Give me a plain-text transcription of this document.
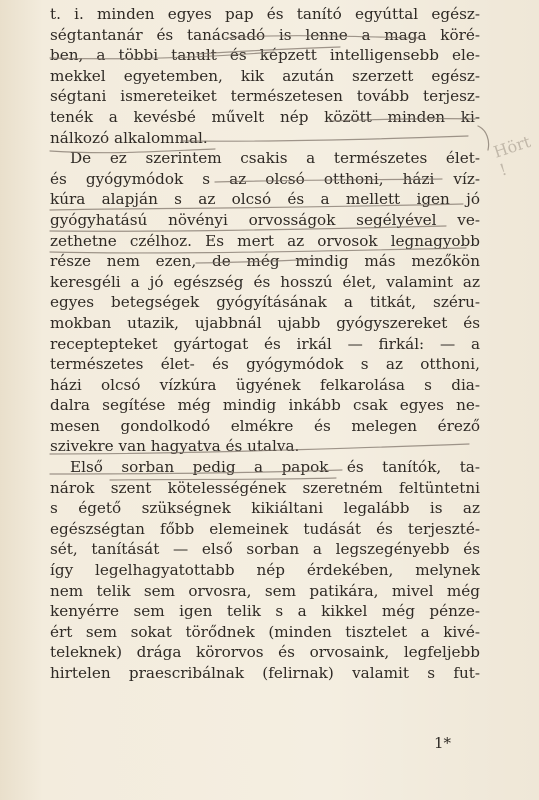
t. i. minden egyes pap és tanító egyúttal egész-
ségtantanár és tanácsadó is lenne a maga köré-
ben, a többi tanult és képzett intelligensebb ele-
mekkel egyetemben, kik azután szerzett egész-
ségtani ismereteiket természetesen tovább terjesz-
tenék a kevésbé művelt nép között minden ki-
nálkozó alkalommal.
De ez szerintem csakis a természetes élet-
és gyógymódok s az olcsó otthoni, házi víz-
kúra alapján s az olcsó és a mellett igen jó
gyógyhatású növényi orvosságok segélyével ve-
zethetne czélhoz. Es mert az orvosok legnagyobb
része nem ezen, de még mindig más mezőkön
keresgéli a jó egészség és hosszú élet, valamint az
egyes betegségek gyógyításának a titkát, széru-
mokban utazik, ujabbnál ujabb gyógyszereket és
receptepteket gyártogat és irkál — firkál: — a
természetes élet- és gyógymódok s az otthoni,
házi olcsó vízkúra ügyének felkarolása s dia-
dalra segítése még mindig inkább csak egyes ne-
mesen gondolkodó elmékre és melegen érező
szivekre van hagyatva és utalva.
Első sorban pedig a papok és tanítók, ta-
nárok szent kötelességének szeretném feltüntetni
s égető szükségnek kikiáltani legalább is az
egészségtan főbb elemeinek tudását és terjeszté-
sét, tanítását — első sorban a legszegényebb és
így legelhagyatottabb nép érdekében, melynek
nem telik sem orvosra, sem patikára, mivel még
kenyérre sem igen telik s a kikkel még pénze-
ért sem sokat törődnek (minden tisztelet a kivé-
teleknek) drága körorvos és orvosaink, legfeljebb
hirtelen praescribálnak (felirnak) valamit s fut-
Hört !
1*
